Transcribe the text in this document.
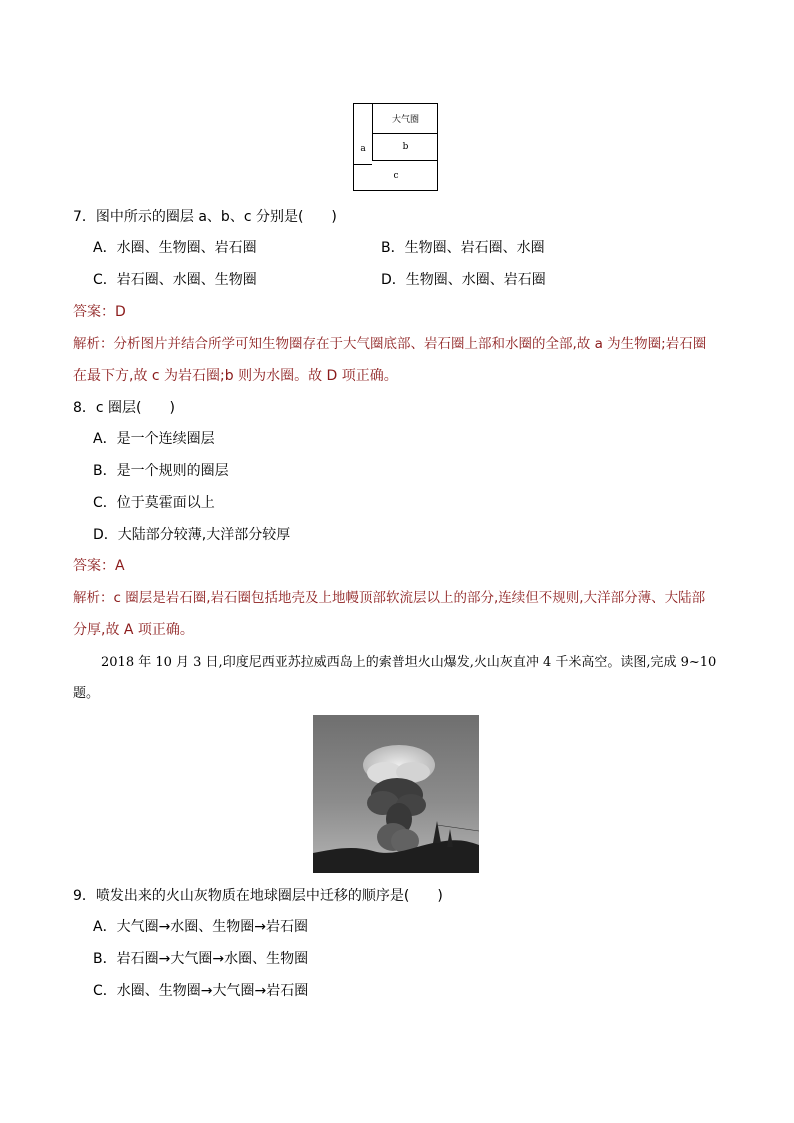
大气圈
a	b
c
7．图中所示的圈层 a、b、c 分别是(　　)
A．水圈、生物圈、岩石圈	B．生物圈、岩石圈、水圈
C．岩石圈、水圈、生物圈	D．生物圈、水圈、岩石圈
答案：D
解析：分析图片并结合所学可知生物圈存在于大气圈底部、岩石圈上部和水圈的全部,故 a 为生物圈;岩石圈
在最下方,故 c 为岩石圈;b 则为水圈。故 D 项正确。
8．c 圈层(　　)
A．是一个连续圈层
B．是一个规则的圈层
C．位于莫霍面以上
D．大陆部分较薄,大洋部分较厚
答案：A
解析：c 圈层是岩石圈,岩石圈包括地壳及上地幔顶部软流层以上的部分,连续但不规则,大洋部分薄、大陆部
分厚,故 A 项正确。
2018 年 10 月 3 日,印度尼西亚苏拉威西岛上的索普坦火山爆发,火山灰直冲 4 千米高空。读图,完成 9~10
题。
9．喷发出来的火山灰物质在地球圈层中迁移的顺序是(　　)
A．大气圈→水圈、生物圈→岩石圈
B．岩石圈→大气圈→水圈、生物圈
C．水圈、生物圈→大气圈→岩石圈
